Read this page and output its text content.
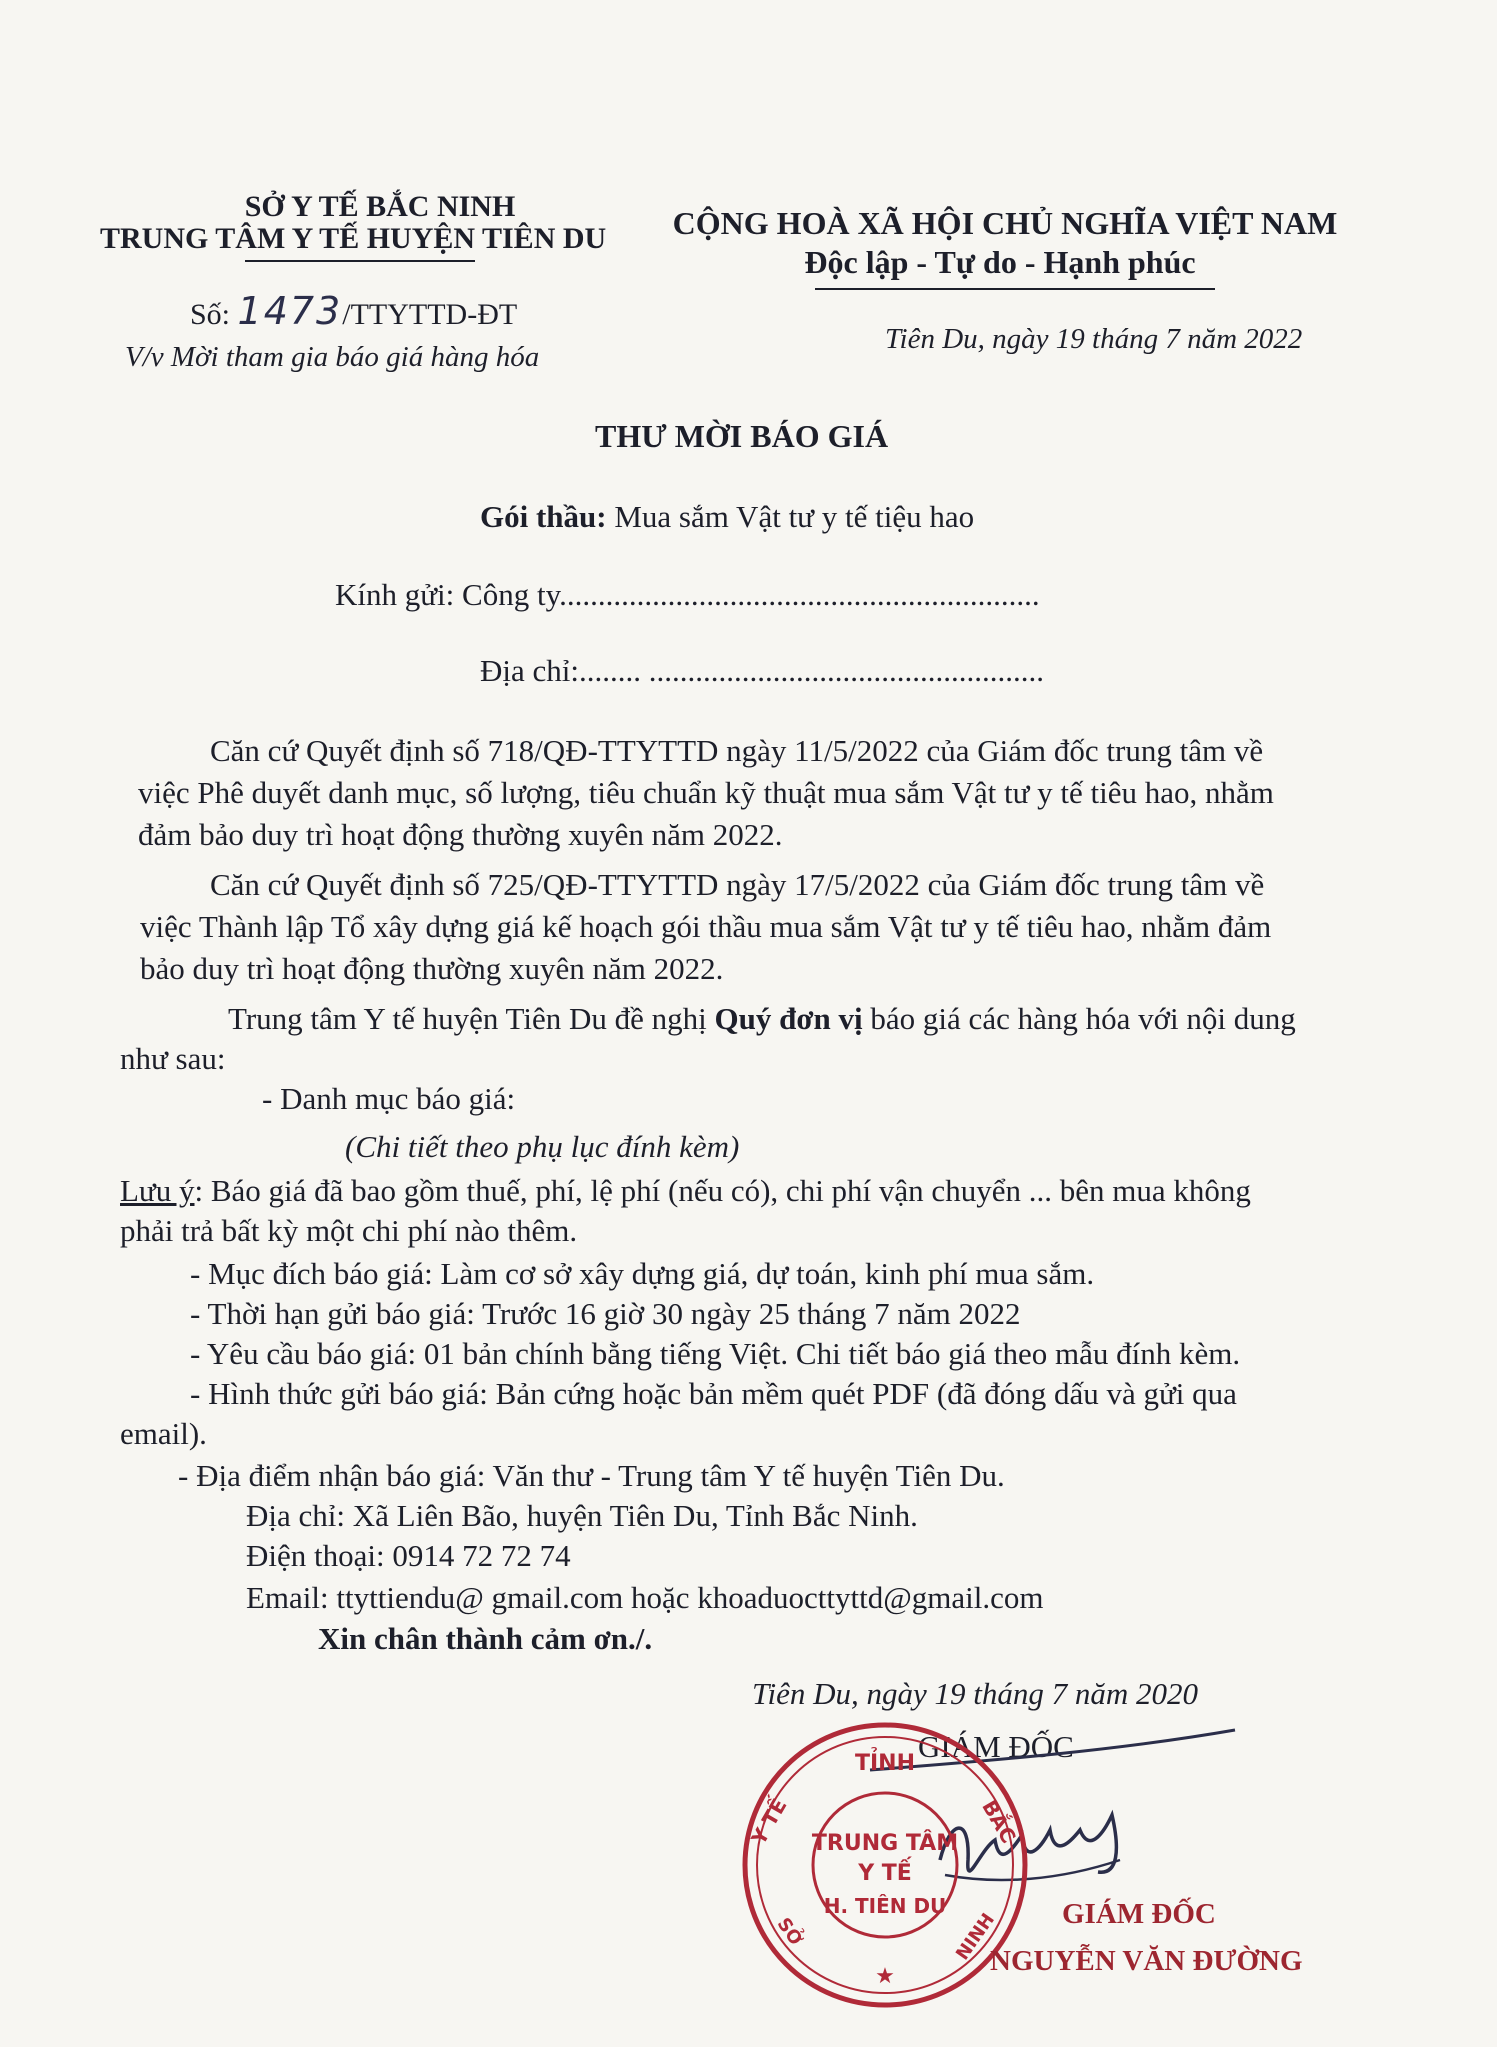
SỞ Y TẾ BẮC NINH
TRUNG TÂM Y TẾ HUYỆN TIÊN DU
Số: 1473/TTYTTD-ĐT
V/v Mời tham gia báo giá hàng hóa
CỘNG HOÀ XÃ HỘI CHỦ NGHĨA VIỆT NAM
Độc lập - Tự do - Hạnh phúc
Tiên Du, ngày 19 tháng 7 năm 2022
THƯ MỜI BÁO GIÁ
Gói thầu: Mua sắm Vật tư y tế tiệu hao
Kính gửi: Công ty..............................................................
Địa chỉ:........ ...................................................
Căn cứ Quyết định số 718/QĐ-TTYTTD ngày 11/5/2022 của Giám đốc trung tâm về
việc Phê duyết danh mục, số lượng, tiêu chuẩn kỹ thuật mua sắm Vật tư y tế tiêu hao, nhằm
đảm bảo duy trì hoạt động thường xuyên năm 2022.
Căn cứ Quyết định số 725/QĐ-TTYTTD ngày 17/5/2022 của Giám đốc trung tâm về
việc Thành lập Tổ xây dựng giá kế hoạch gói thầu mua sắm Vật tư y tế tiêu hao, nhằm đảm
bảo duy trì hoạt động thường xuyên năm 2022.
Trung tâm Y tế huyện Tiên Du đề nghị Quý đơn vị báo giá các hàng hóa với nội dung
như sau:
- Danh mục báo giá:
(Chi tiết theo phụ lục đính kèm)
Lưu ý: Báo giá đã bao gồm thuế, phí, lệ phí (nếu có), chi phí vận chuyển ... bên mua không
phải trả bất kỳ một chi phí nào thêm.
- Mục đích báo giá: Làm cơ sở xây dựng giá, dự toán, kinh phí mua sắm.
- Thời hạn gửi báo giá: Trước 16 giờ 30 ngày 25 tháng 7 năm 2022
- Yêu cầu báo giá: 01 bản chính bằng tiếng Việt. Chi tiết báo giá theo mẫu đính kèm.
- Hình thức gửi báo giá: Bản cứng hoặc bản mềm quét PDF (đã đóng dấu và gửi qua
email).
- Địa điểm nhận báo giá: Văn thư - Trung tâm Y tế huyện Tiên Du.
Địa chỉ: Xã Liên Bão, huyện Tiên Du, Tỉnh Bắc Ninh.
Điện thoại: 0914 72 72 74
Email: ttyttiendu@ gmail.com hoặc khoaduocttyttd@gmail.com
Xin chân thành cảm ơn./.
Tiên Du, ngày 19 tháng 7 năm 2020
GIÁM ĐỐC
TỈNH
Y TẾ	BẮC
NINH
SỞ
TRUNG TÂM
Y TẾ
H. TIÊN DU
★
GIÁM ĐỐC
NGUYỄN VĂN ĐƯỜNG
